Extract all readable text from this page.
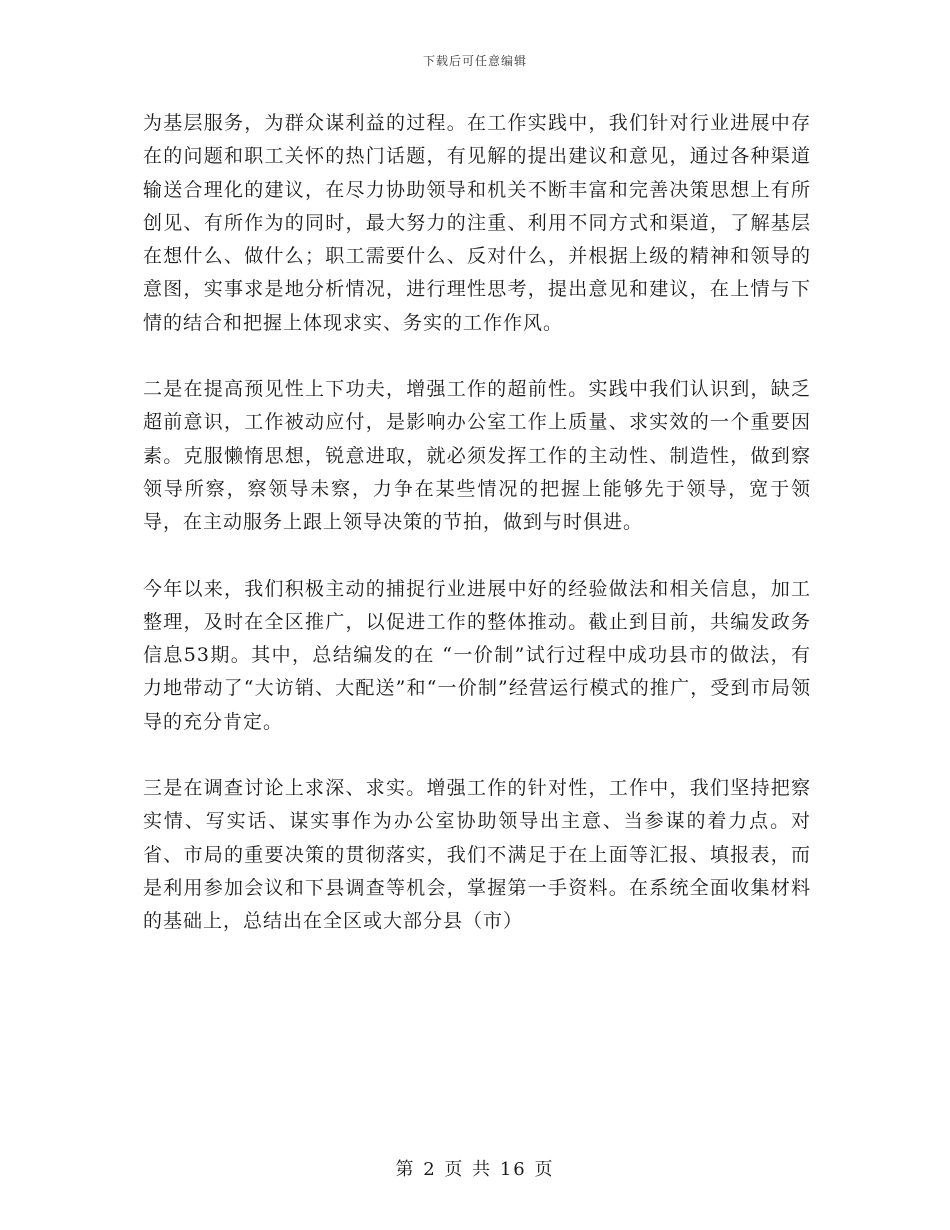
下载后可任意编辑

为基层服务，为群众谋利益的过程。在工作实践中，我们针对行业进展中存在的问题和职工关怀的热门话题，有见解的提出建议和意见，通过各种渠道输送合理化的建议，在尽力协助领导和机关不断丰富和完善决策思想上有所创见、有所作为的同时，最大努力的注重、利用不同方式和渠道，了解基层在想什么、做什么；职工需要什么、反对什么，并根据上级的精神和领导的意图，实事求是地分析情况，进行理性思考，提出意见和建议，在上情与下情的结合和把握上体现求实、务实的工作作风。

二是在提高预见性上下功夫，增强工作的超前性。实践中我们认识到，缺乏超前意识，工作被动应付，是影响办公室工作上质量、求实效的一个重要因素。克服懒惰思想，锐意进取，就必须发挥工作的主动性、制造性，做到察领导所察，察领导未察，力争在某些情况的把握上能够先于领导，宽于领导，在主动服务上跟上领导决策的节拍，做到与时俱进。

今年以来，我们积极主动的捕捉行业进展中好的经验做法和相关信息，加工整理，及时在全区推广，以促进工作的整体推动。截止到目前，共编发政务信息53期。其中，总结编发的在 “一价制”试行过程中成功县市的做法，有力地带动了“大访销、大配送”和“一价制”经营运行模式的推广，受到市局领导的充分肯定。

三是在调查讨论上求深、求实。增强工作的针对性，工作中，我们坚持把察实情、写实话、谋实事作为办公室协助领导出主意、当参谋的着力点。对省、市局的重要决策的贯彻落实，我们不满足于在上面等汇报、填报表，而是利用参加会议和下县调查等机会，掌握第一手资料。在系统全面收集材料的基础上，总结出在全区或大部分县（市）

第 2 页 共 16 页
